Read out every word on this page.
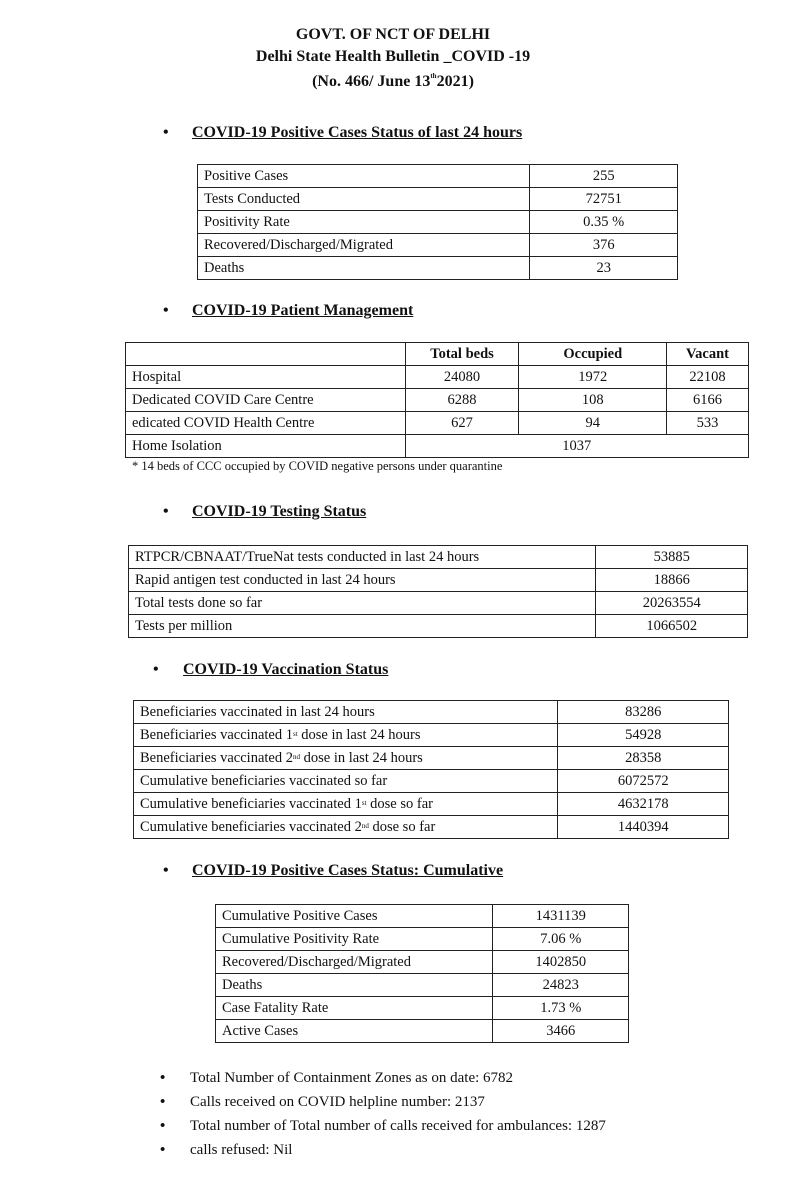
GOVT. OF NCT OF DELHI
Delhi State Health Bulletin _COVID -19
(No. 466/ June 13th2021)
• COVID-19 Positive Cases Status of last 24 hours
Positive Cases	255
Tests Conducted	72751
Positivity Rate	0.35 %
Recovered/Discharged/Migrated	376
Deaths	23
• COVID-19 Patient Management
	Total beds	Occupied	Vacant
Hospital	24080	1972	22108
Dedicated COVID Care Centre	6288	108	6166
edicated COVID Health Centre	627	94	533
Home Isolation	1037		
* 14 beds of CCC occupied by COVID negative persons under quarantine
• COVID-19 Testing Status
RTPCR/CBNAAT/TrueNat tests conducted in last 24 hours	53885
Rapid antigen test conducted in last 24 hours	18866
Total tests done so far	20263554
Tests per million	1066502
• COVID-19 Vaccination Status
Beneficiaries vaccinated in last 24 hours	83286
Beneficiaries vaccinated 1st dose in last 24 hours	54928
Beneficiaries vaccinated 2nd dose in last 24 hours	28358
Cumulative beneficiaries vaccinated so far	6072572
Cumulative beneficiaries vaccinated 1st dose so far	4632178
Cumulative beneficiaries vaccinated 2nd dose so far	1440394
• COVID-19 Positive Cases Status: Cumulative
Cumulative Positive Cases	1431139
Cumulative Positivity Rate	7.06 %
Recovered/Discharged/Migrated	1402850
Deaths	24823
Case Fatality Rate	1.73 %
Active Cases	3466
• Total Number of Containment Zones as on date: 6782
• Calls received on COVID helpline number: 2137
• Total number of Total number of calls received for ambulances: 1287
• calls refused: Nil
